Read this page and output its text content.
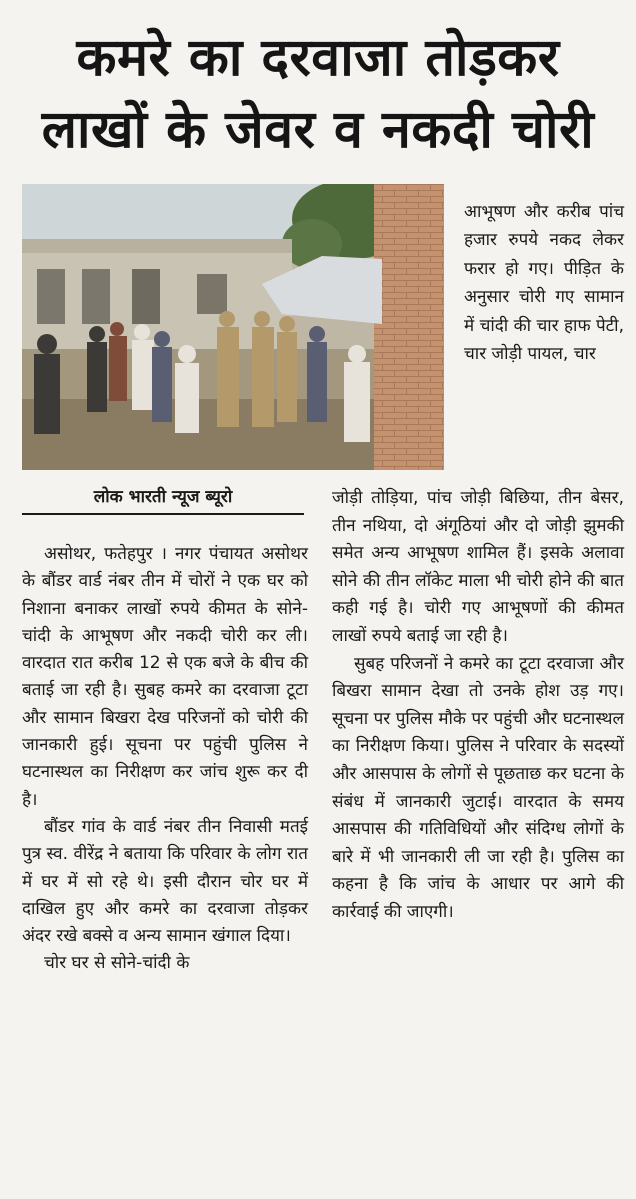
कमरे का दरवाजा तोड़कर
लाखों के जेवर व नकदी चोरी
लोक भारती न्यूज ब्यूरो

असोथर, फतेहपुर । नगर पंचायत असोथर के बौंडर वार्ड नंबर तीन में चोरों ने एक घर को निशाना बनाकर लाखों रुपये कीमत के सोने-चांदी के आभूषण और नकदी चोरी कर ली। वारदात रात करीब 12 से एक बजे के बीच की बताई जा रही है। सुबह कमरे का दरवाजा टूटा और सामान बिखरा देख परिजनों को चोरी की जानकारी हुई। सूचना पर पहुंची पुलिस ने घटनास्थल का निरीक्षण कर जांच शुरू कर दी है।

बौंडर गांव के वार्ड नंबर तीन निवासी मतई पुत्र स्व. वीरेंद्र ने बताया कि परिवार के लोग रात में घर में सो रहे थे। इसी दौरान चोर घर में दाखिल हुए और कमरे का दरवाजा तोड़कर अंदर रखे बक्से व अन्य सामान खंगाल दिया।

चोर घर से सोने-चांदी के

आभूषण और करीब पांच हजार रुपये नकद लेकर फरार हो गए। पीड़ित के अनुसार चोरी गए सामान में चांदी की चार हाफ पेटी, चार जोड़ी पायल, चार

जोड़ी तोड़िया, पांच जोड़ी बिछिया, तीन बेसर, तीन नथिया, दो अंगूठियां और दो जोड़ी झुमकी समेत अन्य आभूषण शामिल हैं। इसके अलावा सोने की तीन लॉकेट माला भी चोरी होने की बात कही गई है। चोरी गए आभूषणों की कीमत लाखों रुपये बताई जा रही है।

सुबह परिजनों ने कमरे का टूटा दरवाजा और बिखरा सामान देखा तो उनके होश उड़ गए। सूचना पर पुलिस मौके पर पहुंची और घटनास्थल का निरीक्षण किया। पुलिस ने परिवार के सदस्यों और आसपास के लोगों से पूछताछ कर घटना के संबंध में जानकारी जुटाई। वारदात के समय आसपास की गतिविधियों और संदिग्ध लोगों के बारे में भी जानकारी ली जा रही है। पुलिस का कहना है कि जांच के आधार पर आगे की कार्रवाई की जाएगी।
